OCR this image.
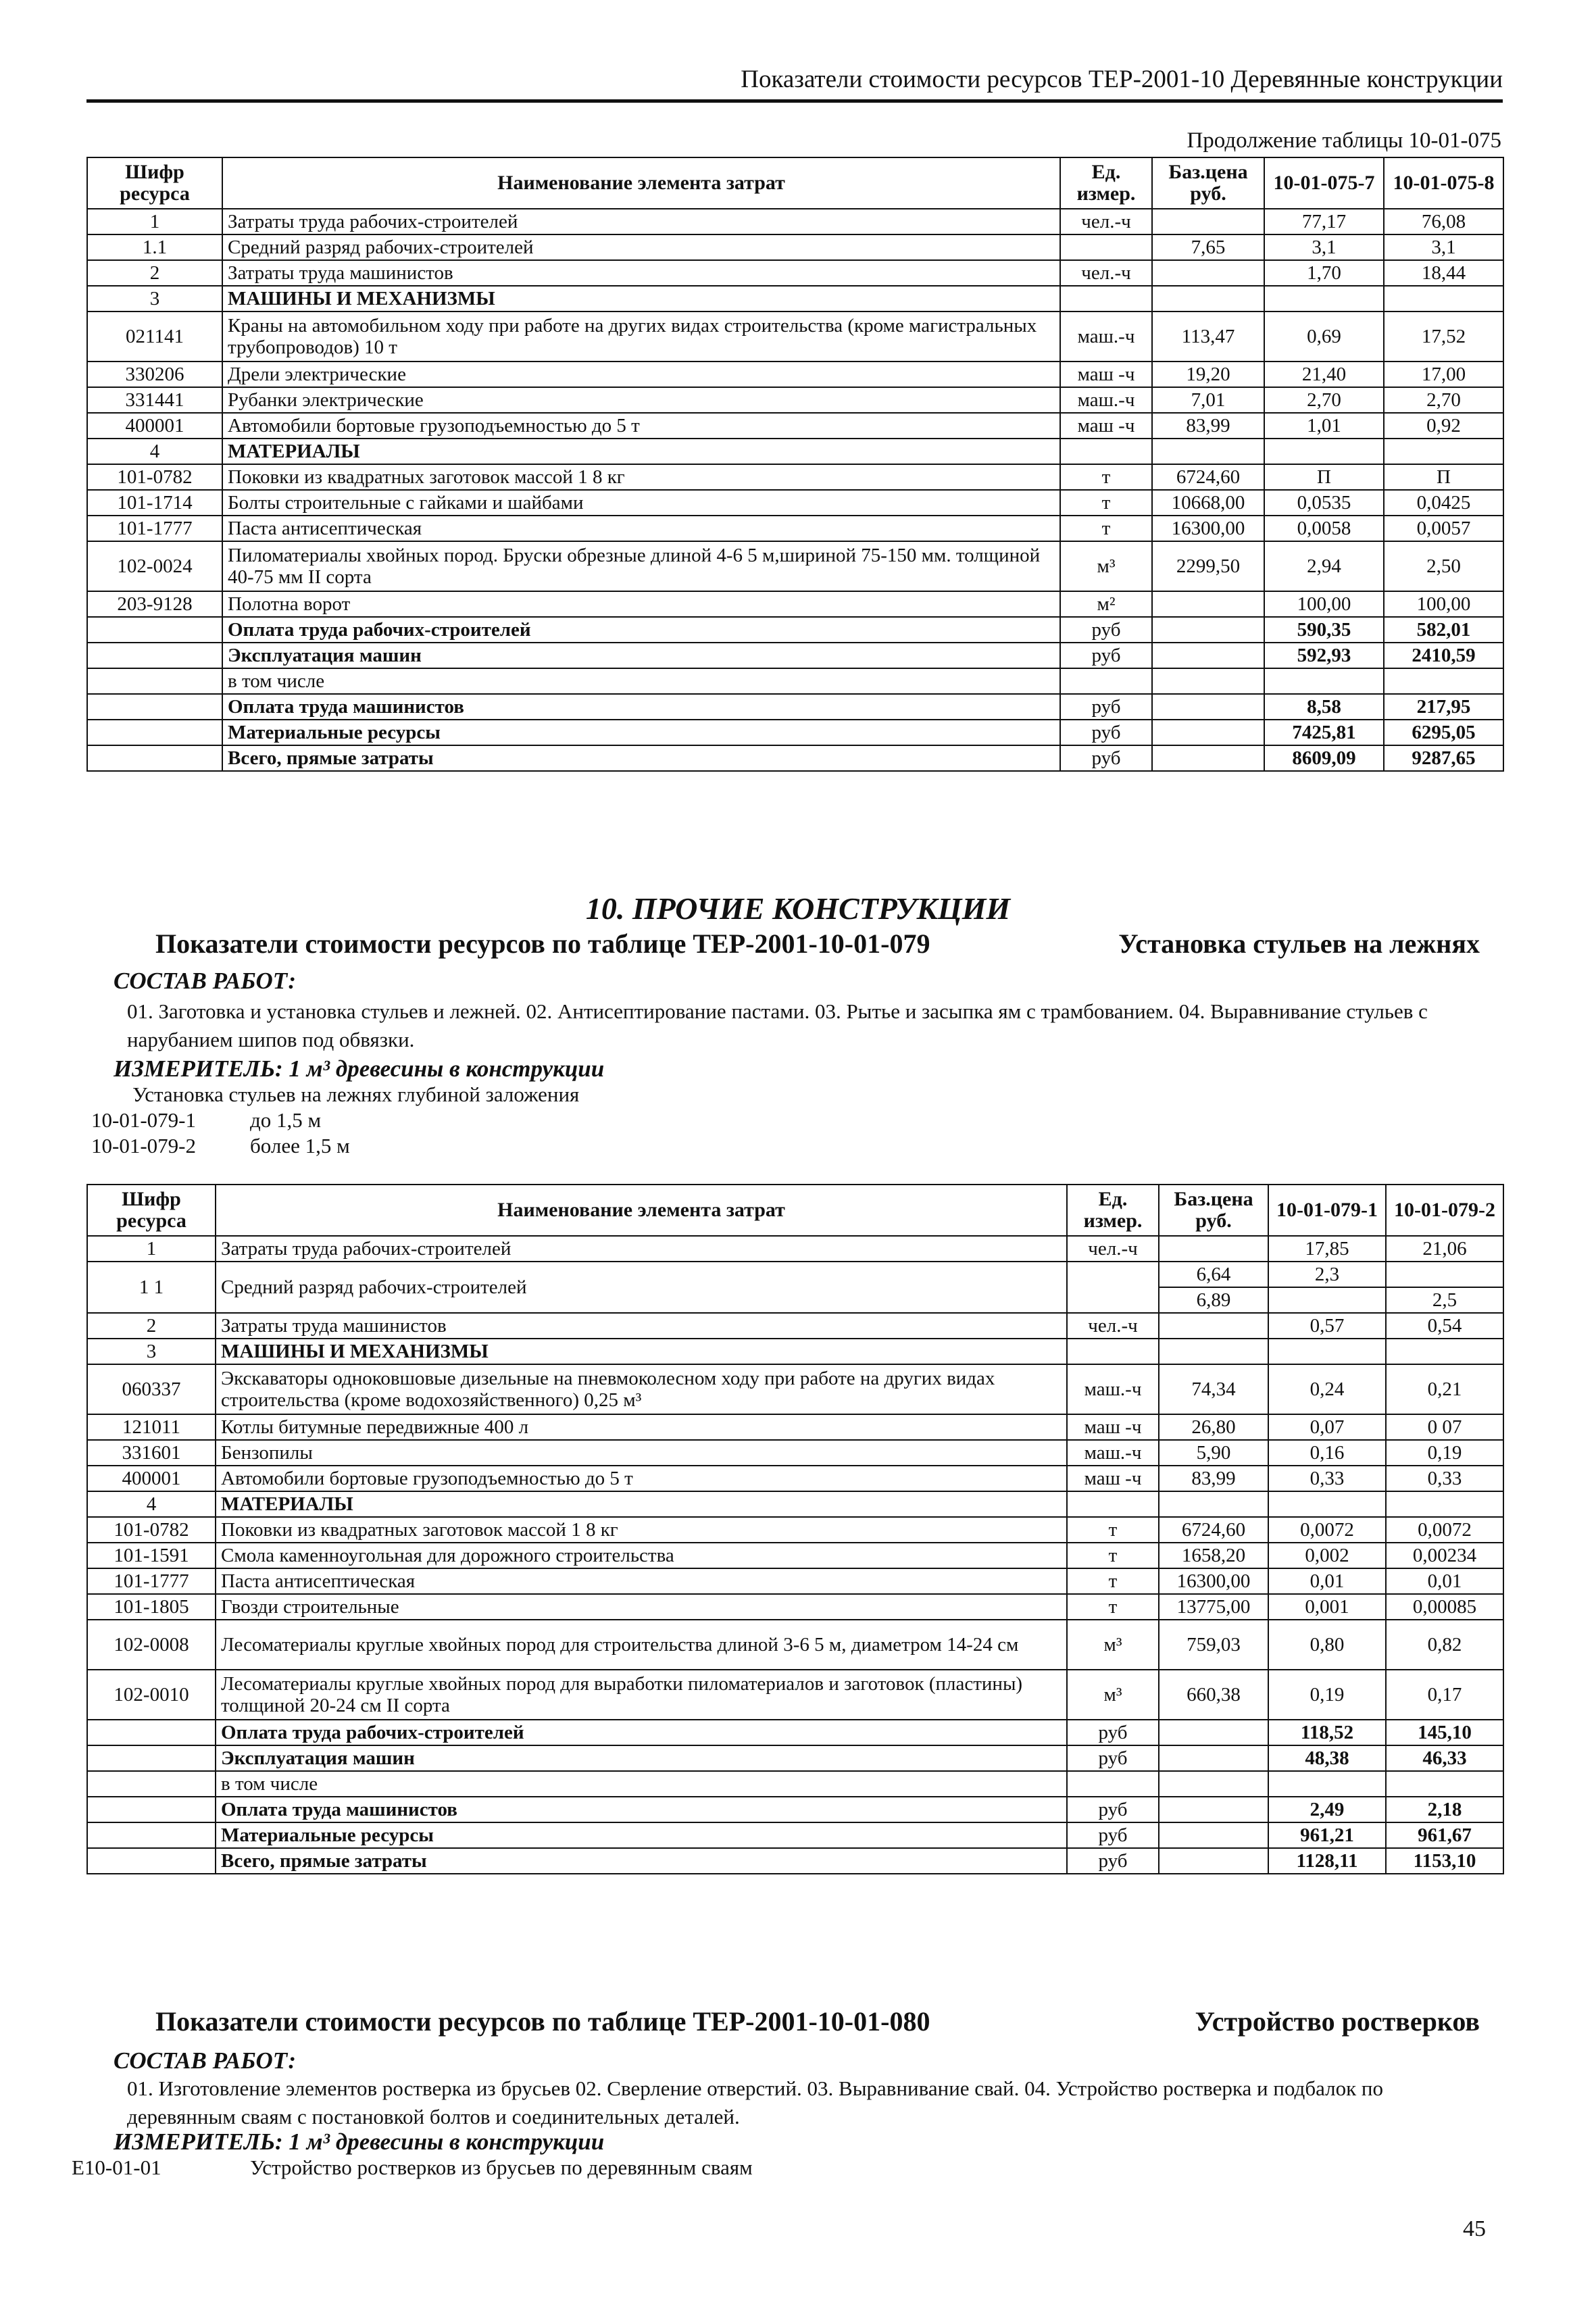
Показатели стоимости ресурсов ТЕР-2001-10 Деревянные конструкции
Продолжение таблицы 10-01-075
Шифр ресурса	Наименование элемента затрат	Ед. измер.	Баз.цена руб.	10-01-075-7	10-01-075-8
1	Затраты труда рабочих-строителей	чел.-ч		77,17	76,08
1.1	Средний разряд рабочих-строителей		7,65	3,1	3,1
2	Затраты труда машинистов	чел.-ч		1,70	18,44
3	МАШИНЫ И МЕХАНИЗМЫ				
021141	Краны на автомобильном ходу при работе на других видах строительства (кроме магистральных трубопроводов) 10 т	маш.-ч	113,47	0,69	17,52
330206	Дрели электрические	маш -ч	19,20	21,40	17,00
331441	Рубанки электрические	маш.-ч	7,01	2,70	2,70
400001	Автомобили бортовые грузоподъемностью до 5 т	маш -ч	83,99	1,01	0,92
4	МАТЕРИАЛЫ				
101-0782	Поковки из квадратных заготовок массой 1 8 кг	т	6724,60	П	П
101-1714	Болты строительные с гайками и шайбами	т	10668,00	0,0535	0,0425
101-1777	Паста антисептическая	т	16300,00	0,0058	0,0057
102-0024	Пиломатериалы хвойных пород. Бруски обрезные длиной 4-6 5 м,шириной 75-150 мм. толщиной 40-75 мм II сорта	м³	2299,50	2,94	2,50
203-9128	Полотна ворот	м²		100,00	100,00
	Оплата труда рабочих-строителей	руб		590,35	582,01
	Эксплуатация машин	руб		592,93	2410,59
	в том числе				
	Оплата труда машинистов	руб		8,58	217,95
	Материальные ресурсы	руб		7425,81	6295,05
	Всего, прямые затраты	руб		8609,09	9287,65
10. ПРОЧИЕ КОНСТРУКЦИИ
Показатели стоимости ресурсов по таблице ТЕР-2001-10-01-079	Установка стульев на лежнях
СОСТАВ РАБОТ:
01. Заготовка и установка стульев и лежней. 02. Антисептирование пастами. 03. Рытье и засыпка ям с трамбованием. 04. Выравнивание стульев с нарубанием шипов под обвязки.
ИЗМЕРИТЕЛЬ: 1 м³ древесины в конструкции
Установка стульев на лежнях глубиной заложения
10-01-079-1	до 1,5 м
10-01-079-2	более 1,5 м
Шифр ресурса	Наименование элемента затрат	Ед. измер.	Баз.цена руб.	10-01-079-1	10-01-079-2
1	Затраты труда рабочих-строителей	чел.-ч		17,85	21,06
1 1	Средний разряд рабочих-строителей		6,64	2,3	
			6,89		2,5
2	Затраты труда машинистов	чел.-ч		0,57	0,54
3	МАШИНЫ И МЕХАНИЗМЫ				
060337	Экскаваторы одноковшовые дизельные на пневмоколесном ходу при работе на других видах строительства (кроме водохозяйственного) 0,25 м³	маш.-ч	74,34	0,24	0,21
121011	Котлы битумные передвижные 400 л	маш -ч	26,80	0,07	0 07
331601	Бензопилы	маш.-ч	5,90	0,16	0,19
400001	Автомобили бортовые грузоподъемностью до 5 т	маш -ч	83,99	0,33	0,33
4	МАТЕРИАЛЫ				
101-0782	Поковки из квадратных заготовок массой 1 8 кг	т	6724,60	0,0072	0,0072
101-1591	Смола каменноугольная для дорожного строительства	т	1658,20	0,002	0,00234
101-1777	Паста антисептическая	т	16300,00	0,01	0,01
101-1805	Гвозди строительные	т	13775,00	0,001	0,00085
102-0008	Лесоматериалы круглые хвойных пород для строительства длиной 3-6 5 м, диаметром 14-24 см	м³	759,03	0,80	0,82
102-0010	Лесоматериалы круглые хвойных пород для выработки пиломатериалов и заготовок (пластины) толщиной 20-24 см II сорта	м³	660,38	0,19	0,17
	Оплата труда рабочих-строителей	руб		118,52	145,10
	Эксплуатация машин	руб		48,38	46,33
	в том числе				
	Оплата труда машинистов	руб		2,49	2,18
	Материальные ресурсы	руб		961,21	961,67
	Всего, прямые затраты	руб		1128,11	1153,10
Показатели стоимости ресурсов по таблице ТЕР-2001-10-01-080	Устройство ростверков
СОСТАВ РАБОТ:
01. Изготовление элементов ростверка из брусьев 02. Сверление отверстий. 03. Выравнивание свай. 04. Устройство ростверка и подбалок по деревянным сваям с постановкой болтов и соединительных деталей.
ИЗМЕРИТЕЛЬ: 1 м³ древесины в конструкции
Е10-01-01	Устройство ростверков из брусьев по деревянным сваям
45
